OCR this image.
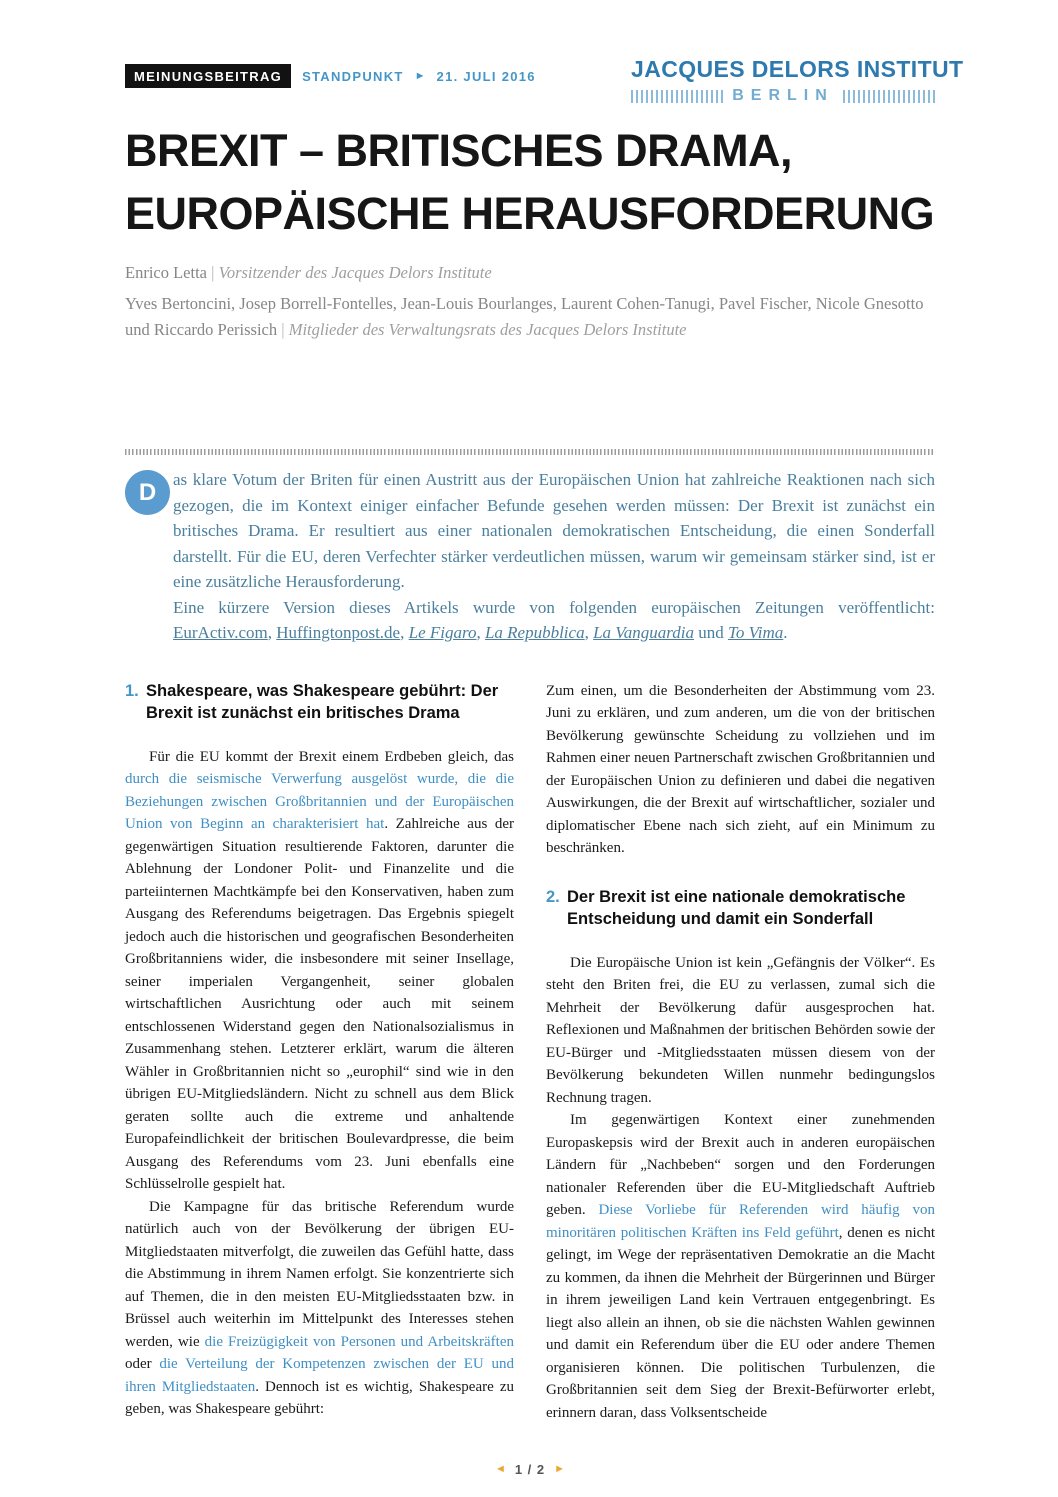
MEINUNGSBEITRAG	STANDPUNKT ► 21. JULI 2016	JACQUES DELORS INSTITUT
BERLIN
BREXIT – BRITISCHES DRAMA,
EUROPÄISCHE HERAUSFORDERUNG
Enrico Letta | Vorsitzender des Jacques Delors Institute
Yves Bertoncini, Josep Borrell-Fontelles, Jean-Louis Bourlanges, Laurent Cohen-Tanugi, Pavel Fischer, Nicole Gnesotto und Riccardo Perissich | Mitglieder des Verwaltungsrats des Jacques Delors Institute
D as klare Votum der Briten für einen Austritt aus der Europäischen Union hat zahlreiche Reaktionen nach sich gezogen, die im Kontext einiger einfacher Befunde gesehen werden müssen: Der Brexit ist zunächst ein britisches Drama. Er resultiert aus einer nationalen demokratischen Entscheidung, die einen Sonderfall darstellt. Für die EU, deren Verfechter stärker verdeutlichen müssen, warum wir gemeinsam stärker sind, ist er eine zusätzliche Herausforderung.

Eine kürzere Version dieses Artikels wurde von folgenden europäischen Zeitungen veröffentlicht: EurActiv.com, Huffingtonpost.de, Le Figaro, La Repubblica, La Vanguardia und To Vima.

1. Shakespeare, was Shakespeare gebührt: Der Brexit ist zunächst ein britisches Drama

Für die EU kommt der Brexit einem Erdbeben gleich, das durch die seismische Verwerfung ausgelöst wurde, die die Beziehungen zwischen Großbritannien und der Europäischen Union von Beginn an charakterisiert hat. Zahlreiche aus der gegenwärtigen Situation resultierende Faktoren, darunter die Ablehnung der Londoner Polit- und Finanzelite und die parteiinternen Machtkämpfe bei den Konservativen, haben zum Ausgang des Referendums beigetragen. Das Ergebnis spiegelt jedoch auch die historischen und geografischen Besonderheiten Großbritanniens wider, die insbesondere mit seiner Insellage, seiner imperialen Vergangenheit, seiner globalen wirtschaftlichen Ausrichtung oder auch mit seinem entschlossenen Widerstand gegen den Nationalsozialismus in Zusammenhang stehen. Letzterer erklärt, warum die älteren Wähler in Großbritannien nicht so „europhil“ sind wie in den übrigen EU-Mitgliedsländern. Nicht zu schnell aus dem Blick geraten sollte auch die extreme und anhaltende Europafeindlichkeit der britischen Boulevardpresse, die beim Ausgang des Referendums vom 23. Juni ebenfalls eine Schlüsselrolle gespielt hat.

Die Kampagne für das britische Referendum wurde natürlich auch von der Bevölkerung der übrigen EU-Mitgliedstaaten mitverfolgt, die zuweilen das Gefühl hatte, dass die Abstimmung in ihrem Namen erfolgt. Sie konzentrierte sich auf Themen, die in den meisten EU-Mitgliedsstaaten bzw. in Brüssel auch weiterhin im Mittelpunkt des Interesses stehen werden, wie die Freizügigkeit von Personen und Arbeitskräften oder die Verteilung der Kompetenzen zwischen der EU und ihren Mitgliedstaaten. Dennoch ist es wichtig, Shakespeare zu geben, was Shakespeare gebührt:

Zum einen, um die Besonderheiten der Abstimmung vom 23. Juni zu erklären, und zum anderen, um die von der britischen Bevölkerung gewünschte Scheidung zu vollziehen und im Rahmen einer neuen Partnerschaft zwischen Großbritannien und der Europäischen Union zu definieren und dabei die negativen Auswirkungen, die der Brexit auf wirtschaftlicher, sozialer und diplomatischer Ebene nach sich zieht, auf ein Minimum zu beschränken.

2. Der Brexit ist eine nationale demokratische Entscheidung und damit ein Sonderfall

Die Europäische Union ist kein „Gefängnis der Völker“. Es steht den Briten frei, die EU zu verlassen, zumal sich die Mehrheit der Bevölkerung dafür ausgesprochen hat. Reflexionen und Maßnahmen der britischen Behörden sowie der EU-Bürger und -Mitgliedsstaaten müssen diesem von der Bevölkerung bekundeten Willen nunmehr bedingungslos Rechnung tragen.

Im gegenwärtigen Kontext einer zunehmenden Europaskepsis wird der Brexit auch in anderen europäischen Ländern für „Nachbeben“ sorgen und den Forderungen nationaler Referenden über die EU-Mitgliedschaft Auftrieb geben. Diese Vorliebe für Referenden wird häufig von minoritären politischen Kräften ins Feld geführt, denen es nicht gelingt, im Wege der repräsentativen Demokratie an die Macht zu kommen, da ihnen die Mehrheit der Bürgerinnen und Bürger in ihrem jeweiligen Land kein Vertrauen entgegenbringt. Es liegt also allein an ihnen, ob sie die nächsten Wahlen gewinnen und damit ein Referendum über die EU oder andere Themen organisieren können. Die politischen Turbulenzen, die Großbritannien seit dem Sieg der Brexit-Befürworter erlebt, erinnern daran, dass Volksentscheide

◄ 1 / 2 ►
